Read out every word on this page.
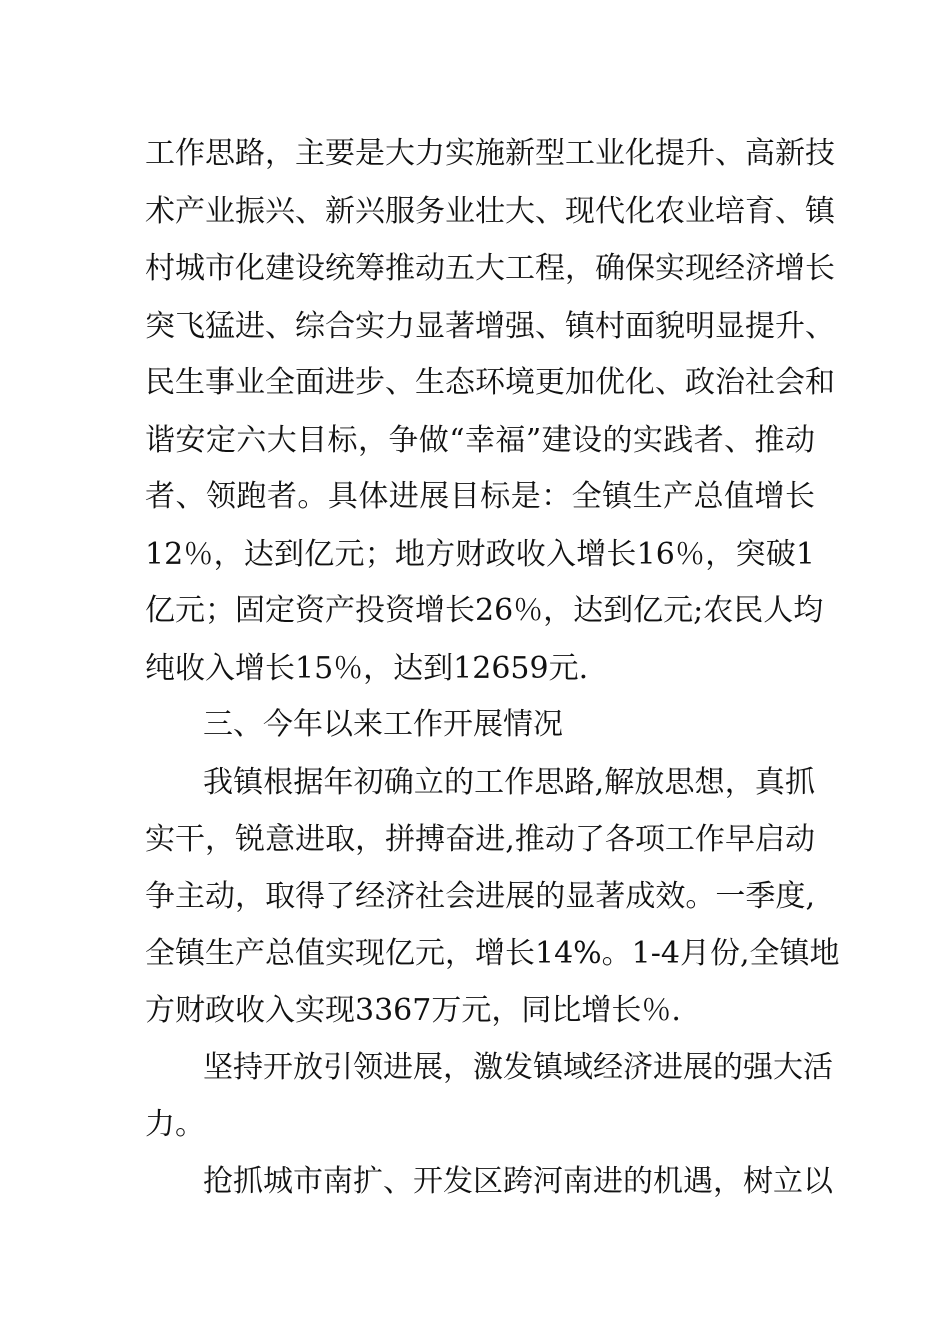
工作思路，主要是大力实施新型工业化提升、高新技
术产业振兴、新兴服务业壮大、现代化农业培育、镇
村城市化建设统筹推动五大工程，确保实现经济增长
突飞猛进、综合实力显著增强、镇村面貌明显提升、
民生事业全面进步、生态环境更加优化、政治社会和
谐安定六大目标，争做“幸福”建设的实践者、推动
者、领跑者。具体进展目标是：全镇生产总值增长
12％，达到亿元；地方财政收入增长16％，突破1
亿元；固定资产投资增长26％，达到亿元;农民人均
纯收入增长15％，达到12659元.
三、今年以来工作开展情况
我镇根据年初确立的工作思路,解放思想，真抓
实干，锐意进取，拼搏奋进,推动了各项工作早启动
争主动，取得了经济社会进展的显著成效。一季度,
全镇生产总值实现亿元，增长14%。1-4月份,全镇地
方财政收入实现3367万元，同比增长％.
坚持开放引领进展，激发镇域经济进展的强大活
力。
抢抓城市南扩、开发区跨河南进的机遇，树立以
